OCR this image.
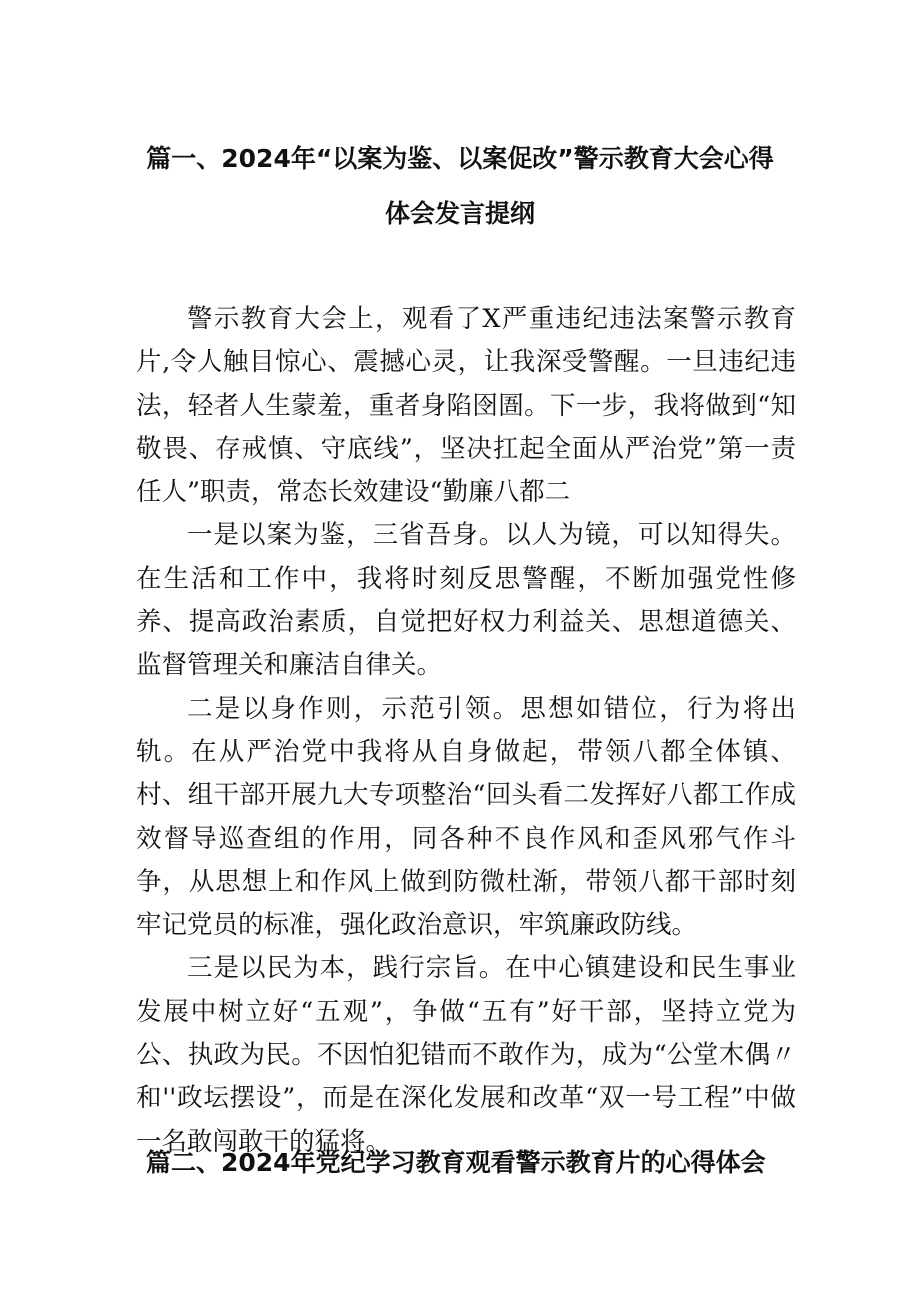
篇一、2024年“以案为鉴、以案促改”警示教育大会心得
体会发言提纲

警示教育大会上，观看了X严重违纪违法案警示教育片,令人触目惊心、震撼心灵，让我深受警醒。一旦违纪违法，轻者人生蒙羞，重者身陷囹圄。下一步，我将做到“知敬畏、存戒慎、守底线”，坚决扛起全面从严治党”第一责任人”职责，常态长效建设“勤廉八都二

一是以案为鉴，三省吾身。以人为镜，可以知得失。在生活和工作中，我将时刻反思警醒，不断加强党性修养、提高政治素质，自觉把好权力利益关、思想道德关、监督管理关和廉洁自律关。

二是以身作则，示范引领。思想如错位，行为将出轨。在从严治党中我将从自身做起，带领八都全体镇、村、组干部开展九大专项整治“回头看二发挥好八都工作成效督导巡查组的作用，同各种不良作风和歪风邪气作斗争，从思想上和作风上做到防微杜渐，带领八都干部时刻牢记党员的标准，强化政治意识，牢筑廉政防线。

三是以民为本，践行宗旨。在中心镇建设和民生事业发展中树立好“五观”，争做“五有”好干部，坚持立党为公、执政为民。不因怕犯错而不敢作为，成为“公堂木偶〃和''政坛摆设”，而是在深化发展和改革“双一号工程”中做一名敢闯敢干的猛将。

篇二、2024年党纪学习教育观看警示教育片的心得体会
